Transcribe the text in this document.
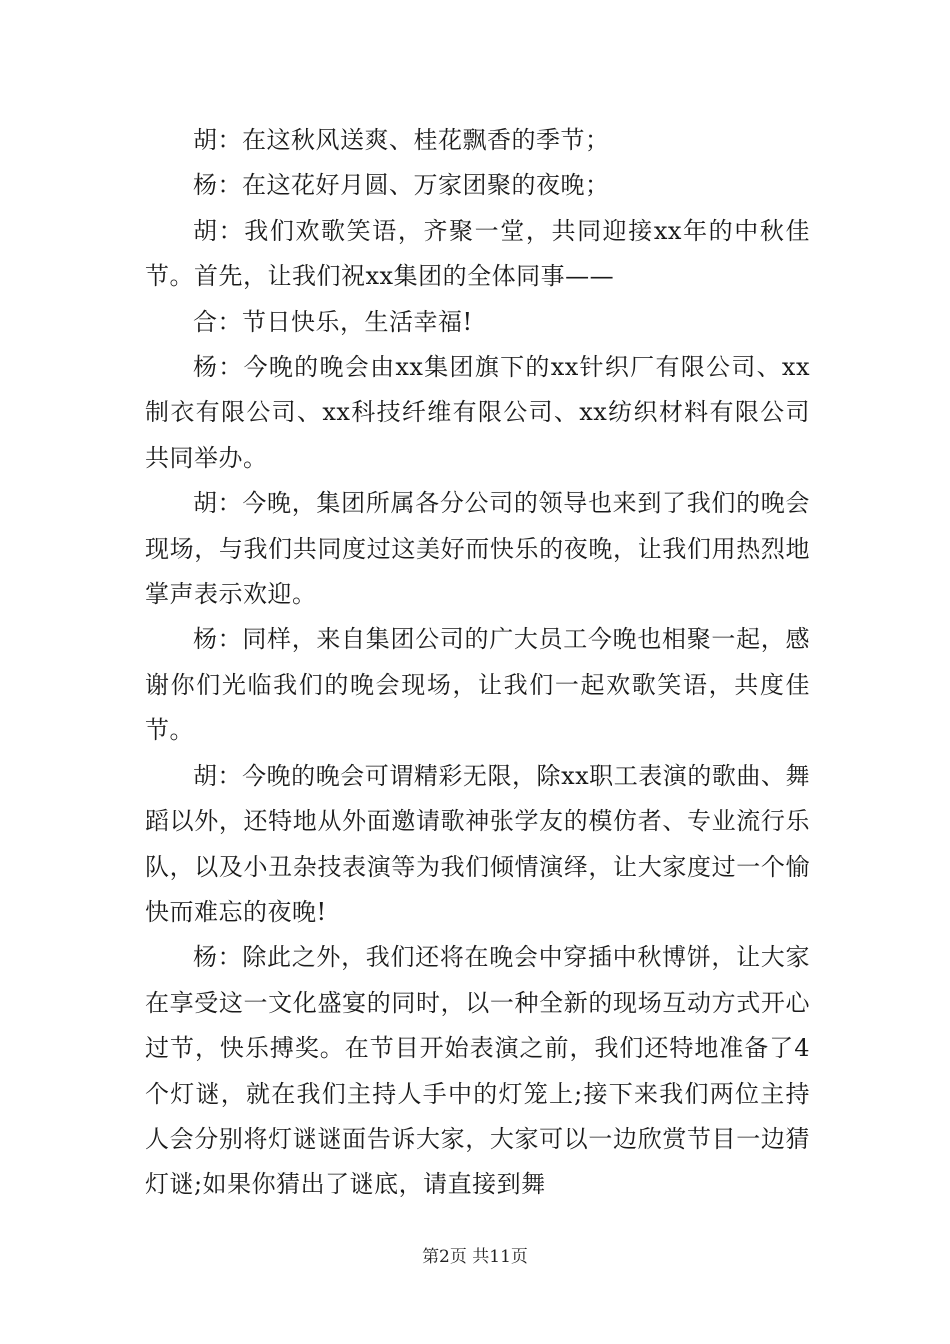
胡：在这秋风送爽、桂花飘香的季节；

杨：在这花好月圆、万家团聚的夜晚；

胡：我们欢歌笑语，齐聚一堂，共同迎接xx年的中秋佳节。首先，让我们祝xx集团的全体同事——

合：节日快乐，生活幸福!

杨：今晚的晚会由xx集团旗下的xx针织厂有限公司、xx制衣有限公司、xx科技纤维有限公司、xx纺织材料有限公司共同举办。

胡：今晚，集团所属各分公司的领导也来到了我们的晚会现场，与我们共同度过这美好而快乐的夜晚，让我们用热烈地掌声表示欢迎。

杨：同样，来自集团公司的广大员工今晚也相聚一起，感谢你们光临我们的晚会现场，让我们一起欢歌笑语，共度佳节。

胡：今晚的晚会可谓精彩无限，除xx职工表演的歌曲、舞蹈以外，还特地从外面邀请歌神张学友的模仿者、专业流行乐队，以及小丑杂技表演等为我们倾情演绎，让大家度过一个愉快而难忘的夜晚!

杨：除此之外，我们还将在晚会中穿插中秋博饼，让大家在享受这一文化盛宴的同时，以一种全新的现场互动方式开心过节，快乐搏奖。在节目开始表演之前，我们还特地准备了4个灯谜，就在我们主持人手中的灯笼上;接下来我们两位主持人会分别将灯谜谜面告诉大家，大家可以一边欣赏节目一边猜灯谜;如果你猜出了谜底，请直接到舞

第2页 共11页
